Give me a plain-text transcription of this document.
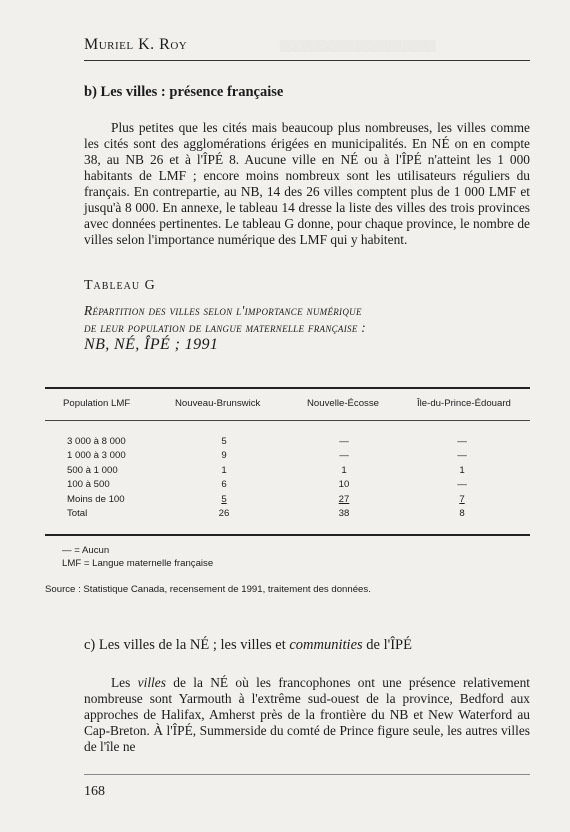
▒▒▒▒▒▒▒▒▒▒▒▒▒▒▒▒▒▒▒▒
Muriel K. Roy
b) Les villes : présence française

Plus petites que les cités mais beaucoup plus nombreuses, les villes comme les cités sont des agglomérations érigées en municipalités. En NÉ on en compte 38, au NB 26 et à l'ÎPÉ 8. Aucune ville en NÉ ou à l'ÎPÉ n'atteint les 1 000 habitants de LMF ; encore moins nombreux sont les utilisateurs réguliers du français. En contrepartie, au NB, 14 des 26 villes comptent plus de 1 000 LMF et jusqu'à 8 000. En annexe, le tableau 14 dresse la liste des villes des trois provinces avec données pertinentes. Le tableau G donne, pour chaque province, le nombre de villes selon l'importance numérique des LMF qui y habitent.

Tableau G
Répartition des villes selon l'importance numérique
de leur population de langue maternelle française :
NB, NÉ, ÎPÉ ; 1991
Population LMF	Nouveau-Brunswick	Nouvelle-Écosse	Île-du-Prince-Édouard
3 000 à 8 000	5	—	—
1 000 à 3 000	9	—	—
500 à 1 000	1	1	1
100 à 500	6	10	—
Moins de 100	5	27	7
Total	26	38	8
— = Aucun
LMF = Langue maternelle française
Source : Statistique Canada, recensement de 1991, traitement des données.
c) Les villes de la NÉ ; les villes et communities de l'ÎPÉ

Les villes de la NÉ où les francophones ont une présence relativement nombreuse sont Yarmouth à l'extrême sud-ouest de la province, Bedford aux approches de Halifax, Amherst près de la frontière du NB et New Waterford au Cap-Breton. À l'ÎPÉ, Summerside du comté de Prince figure seule, les autres villes de l'île ne

168
